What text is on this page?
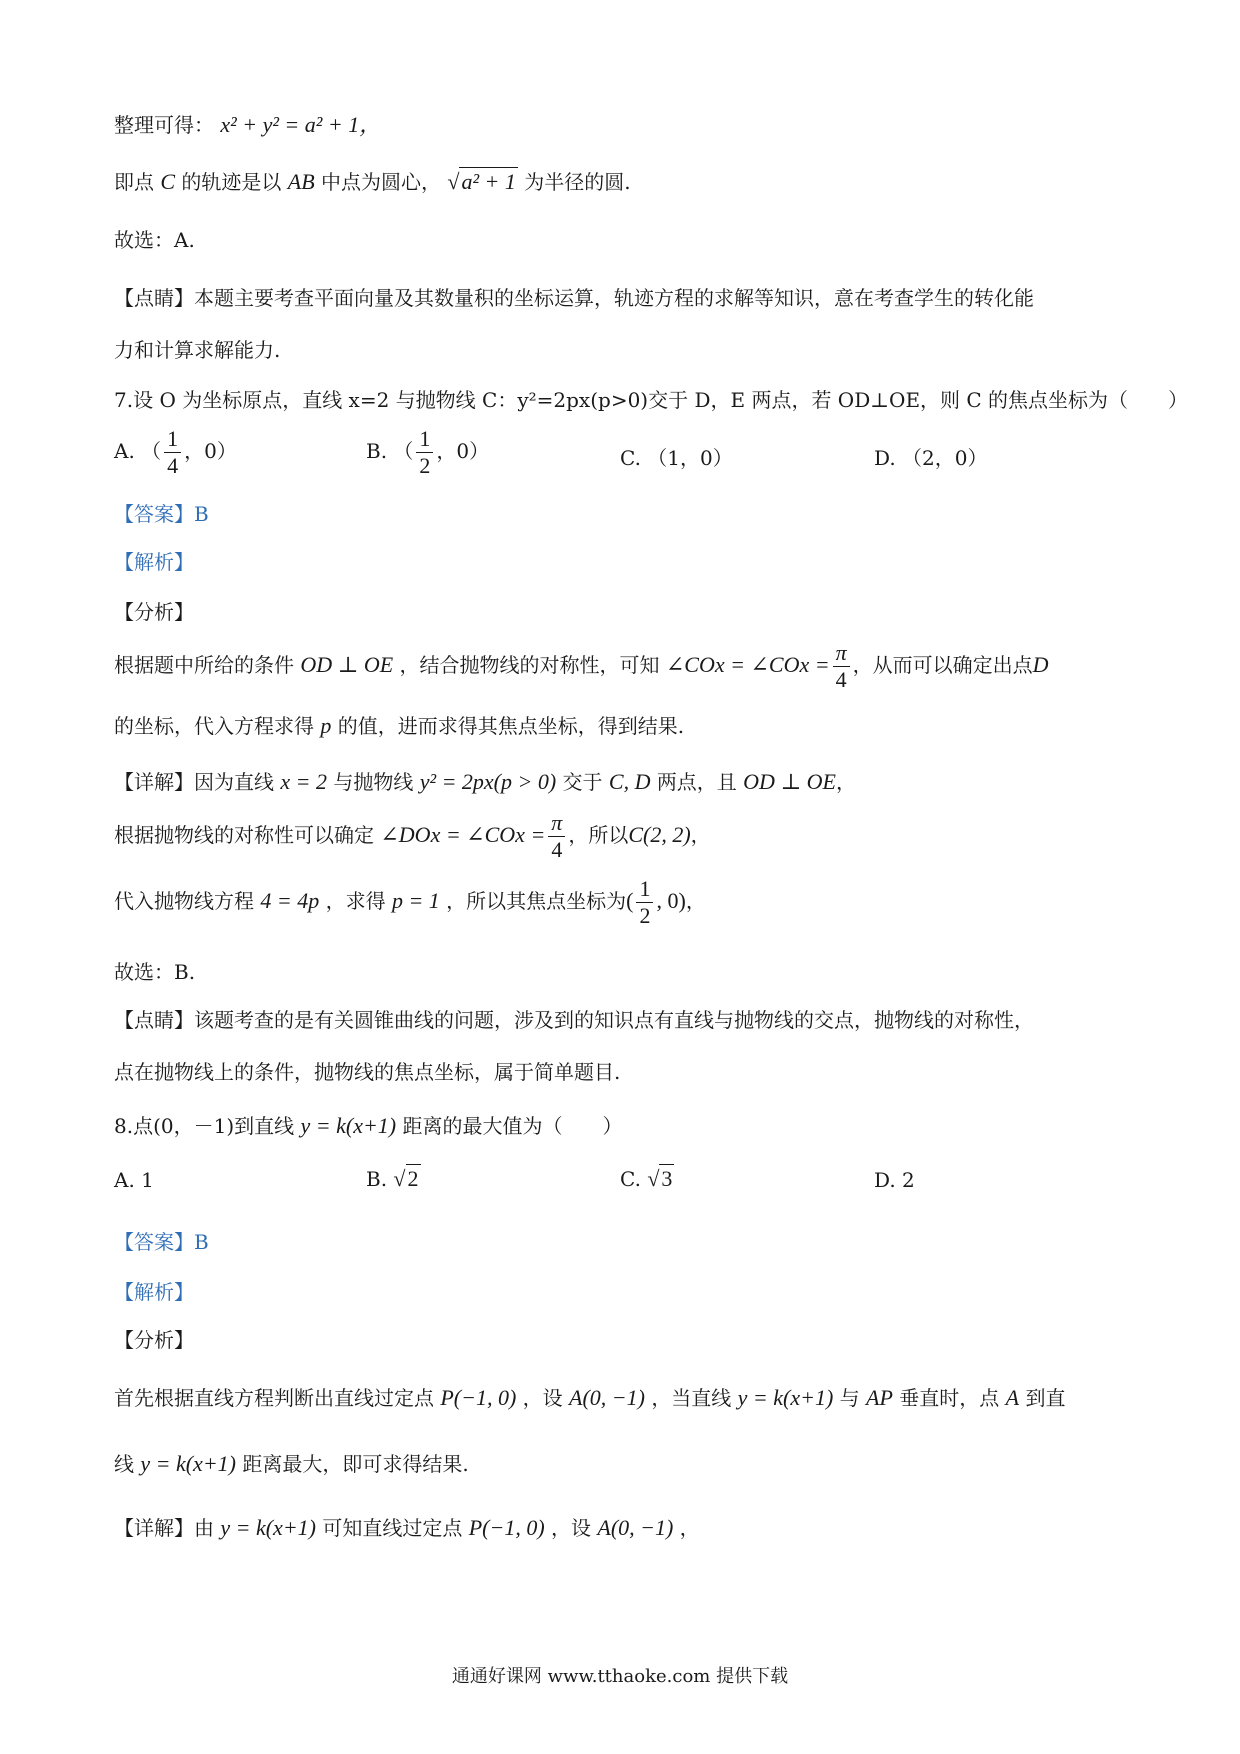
整理可得： x² + y² = a² + 1，
即点 C 的轨迹是以 AB 中点为圆心， √a² + 1 为半径的圆.
故选：A.
【点睛】本题主要考查平面向量及其数量积的坐标运算，轨迹方程的求解等知识，意在考查学生的转化能
力和计算求解能力.
7.设 O 为坐标原点，直线 x=2 与抛物线 C：y²=2px(p>0)交于 D，E 两点，若 OD⊥OE，则 C 的焦点坐标为（　　）
A. （ $\frac{1}{4}$ ，0）	B. （ $\frac{1}{2}$ ，0）	C. （1，0）	D. （2，0）
【答案】B
【解析】
【分析】
根据题中所给的条件 OD ⊥ OE ，结合抛物线的对称性，可知 ∠COx = ∠COx = $\frac{\pi}{4}$ ，从而可以确定出点D
的坐标，代入方程求得 p 的值，进而求得其焦点坐标，得到结果.
【详解】因为直线 x = 2 与抛物线 y² = 2px(p > 0) 交于 C, D 两点，且 OD ⊥ OE，
根据抛物线的对称性可以确定 ∠DOx = ∠COx = $\frac{\pi}{4}$ ，所以C(2, 2)，
代入抛物线方程 4 = 4p ，求得 p = 1 ，所以其焦点坐标为( $\frac{1}{2}$ , 0)，
故选：B.
【点睛】该题考查的是有关圆锥曲线的问题，涉及到的知识点有直线与抛物线的交点，抛物线的对称性，
点在抛物线上的条件，抛物线的焦点坐标，属于简单题目.
8.点(0，－1)到直线 y = k(x+1) 距离的最大值为（　　）
A. 1	B. √2	C. √3	D. 2
【答案】B
【解析】
【分析】
首先根据直线方程判断出直线过定点 P(−1, 0) ，设 A(0, −1) ，当直线 y = k(x+1) 与 AP 垂直时，点 A 到直
线 y = k(x+1) 距离最大，即可求得结果.
【详解】由 y = k(x+1) 可知直线过定点 P(−1, 0) ，设 A(0, −1) ，
通通好课网 www.tthaoke.com 提供下载
